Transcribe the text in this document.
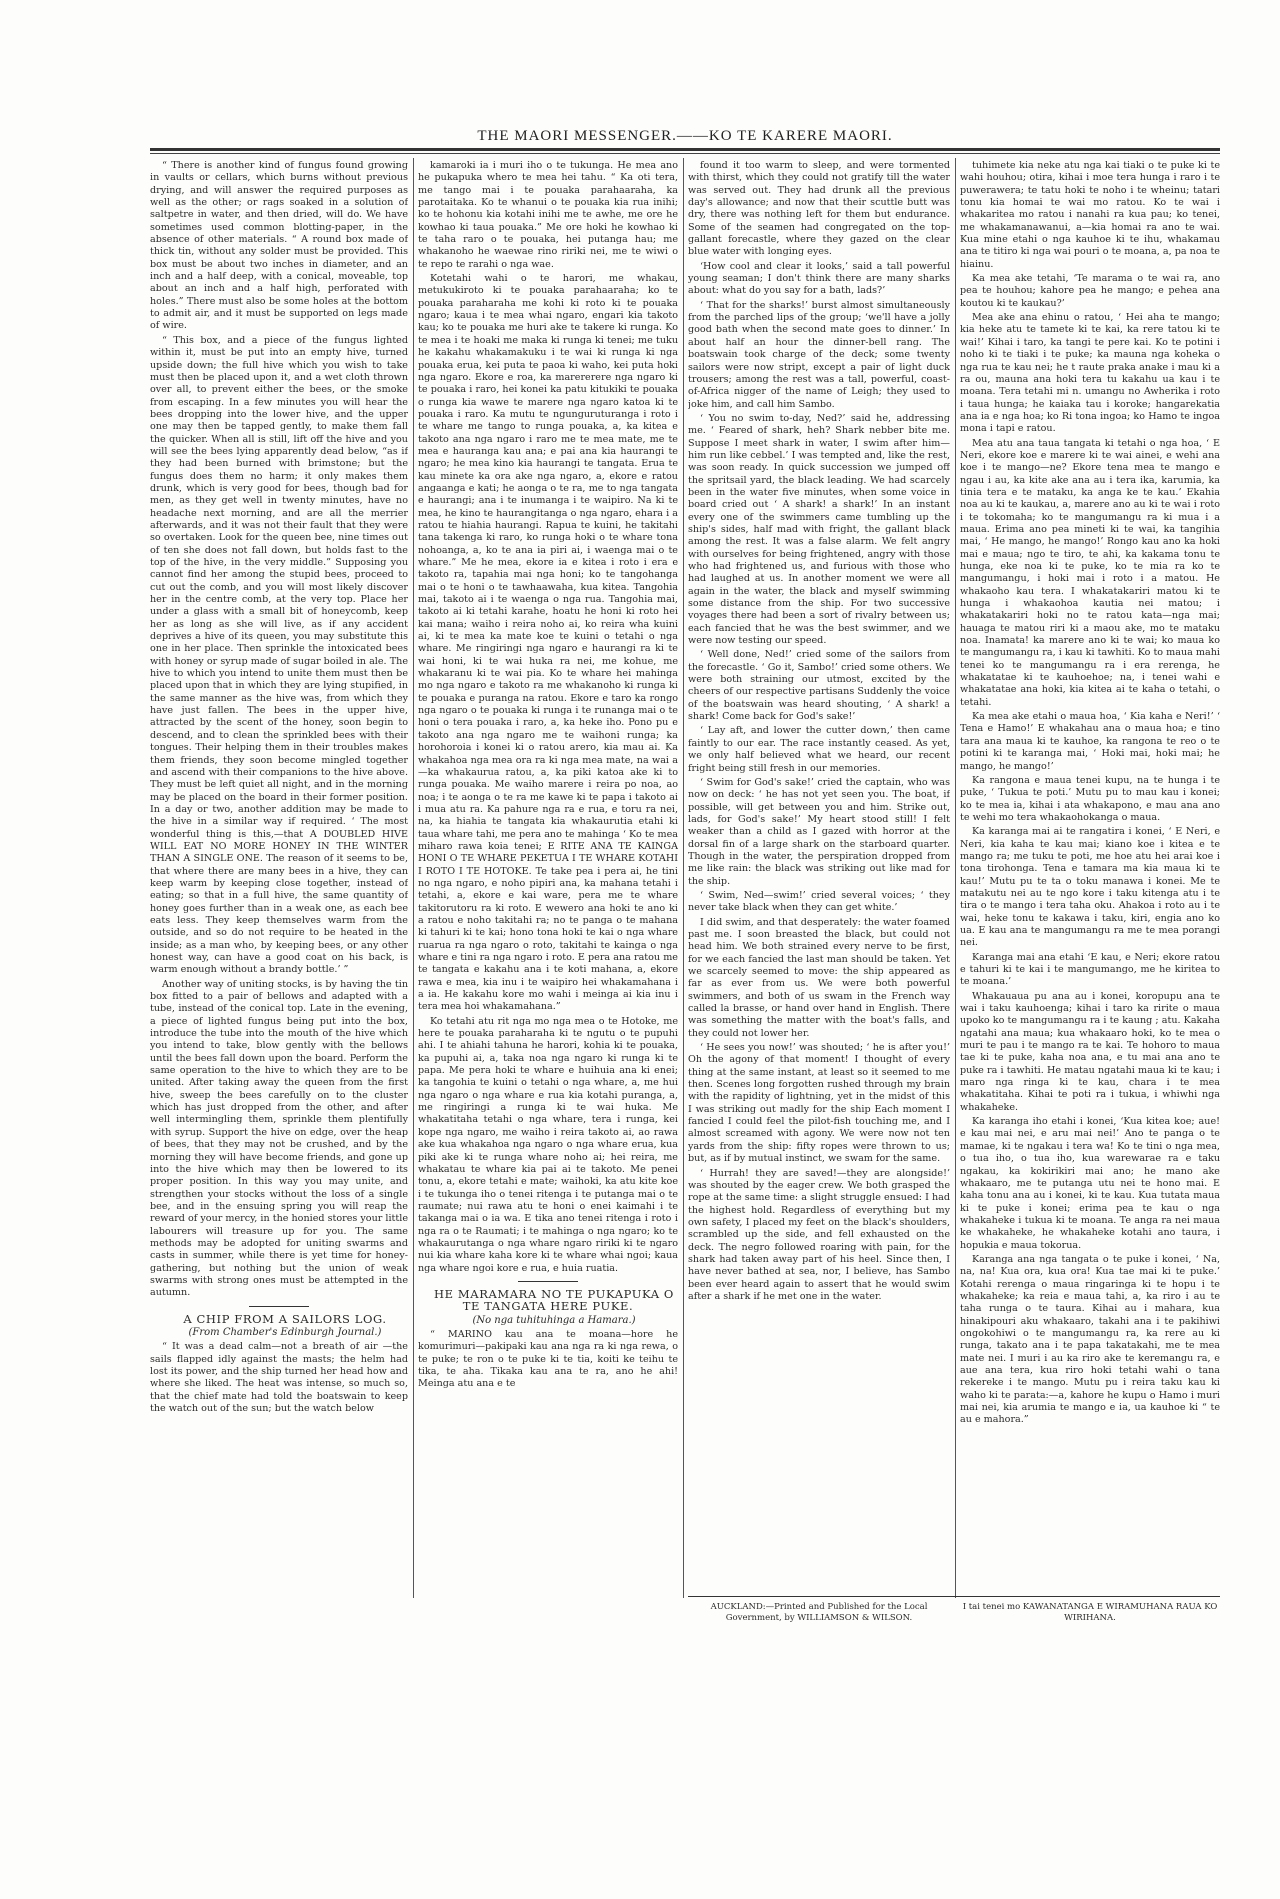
THE MAORI MESSENGER.——KO TE KARERE MAORI.

“ There is another kind of fungus found growing in vaults or cellars, which burns without previous drying, and will answer the required purposes as well as the other; or rags soaked in a solution of saltpetre in water, and then dried, will do. We have sometimes used common blotting-paper, in the absence of other materials. “ A round box made of thick tin, without any solder must be provided. This box must be about two inches in diameter, and an inch and a half deep, with a conical, moveable, top about an inch and a half high, perforated with holes.” There must also be some holes at the bottom to admit air, and it must be supported on legs made of wire.

“ This box, and a piece of the fungus lighted within it, must be put into an empty hive, turned upside down; the full hive which you wish to take must then be placed upon it, and a wet cloth thrown over all, to prevent either the bees, or the smoke from escaping. In a few minutes you will hear the bees dropping into the lower hive, and the upper one may then be tapped gently, to make them fall the quicker. When all is still, lift off the hive and you will see the bees lying apparently dead below, “as if they had been burned with brimstone; but the fungus does them no harm; it only makes them drunk, which is very good for bees, though bad for men, as they get well in twenty minutes, have no headache next morning, and are all the merrier afterwards, and it was not their fault that they were so overtaken. Look for the queen bee, nine times out of ten she does not fall down, but holds fast to the top of the hive, in the very middle.” Supposing you cannot find her among the stupid bees, proceed to cut out the comb, and you will most likely discover her in the centre comb, at the very top. Place her under a glass with a small bit of honeycomb, keep her as long as she will live, as if any accident deprives a hive of its queen, you may substitute this one in her place. Then sprinkle the intoxicated bees with honey or syrup made of sugar boiled in ale. The hive to which you intend to unite them must then be placed upon that in which they are lying stupified, in the same manner as the hive was, from which they have just fallen. The bees in the upper hive, attracted by the scent of the honey, soon begin to descend, and to clean the sprinkled bees with their tongues. Their helping them in their troubles makes them friends, they soon become mingled together and ascend with their companions to the hive above. They must be left quiet all night, and in the morning may be placed on the board in their former position. In a day or two, another addition may be made to the hive in a similar way if required. ‘ The most wonderful thing is this,—that A DOUBLED HIVE WILL EAT NO MORE HONEY IN THE WINTER THAN A SINGLE ONE. The reason of it seems to be, that where there are many bees in a hive, they can keep warm by keeping close together, instead of eating; so that in a full hive, the same quantity of honey goes further than in a weak one, as each bee eats less. They keep themselves warm from the outside, and so do not require to be heated in the inside; as a man who, by keeping bees, or any other honest way, can have a good coat on his back, is warm enough without a brandy bottle.’ ”

Another way of uniting stocks, is by having the tin box fitted to a pair of bellows and adapted with a tube, instead of the conical top. Late in the evening, a piece of lighted fungus being put into the box, introduce the tube into the mouth of the hive which you intend to take, blow gently with the bellows until the bees fall down upon the board. Perform the same operation to the hive to which they are to be united. After taking away the queen from the first hive, sweep the bees carefully on to the cluster which has just dropped from the other, and after well intermingling them, sprinkle them plentifully with syrup. Support the hive on edge, over the heap of bees, that they may not be crushed, and by the morning they will have become friends, and gone up into the hive which may then be lowered to its proper position. In this way you may unite, and strengthen your stocks without the loss of a single bee, and in the ensuing spring you will reap the reward of your mercy, in the honied stores your little labourers will treasure up for you. The same methods may be adopted for uniting swarms and casts in summer, while there is yet time for honey-gathering, but nothing but the union of weak swarms with strong ones must be attempted in the autumn.

A CHIP FROM A SAILORS LOG.

(From Chamber's Edinburgh Journal.)

“ It was a dead calm—not a breath of air —the sails flapped idly against the masts; the helm had lost its power, and the ship turned her head how and where she liked. The heat was intense, so much so, that the chief mate had told the boatswain to keep the watch out of the sun; but the watch below

kamaroki ia i muri iho o te tukunga. He mea ano he pukapuka whero te mea hei tahu. “ Ka oti tera, me tango mai i te pouaka parahaaraha, ka parotaitaka. Ko te whanui o te pouaka kia rua inihi; ko te hohonu kia kotahi inihi me te awhe, me ore he kowhao ki taua pouaka.” Me ore hoki he kowhao ki te taha raro o te pouaka, hei putanga hau; me whakanoho he waewae rino ririki nei, me te wiwi o te repo te rarahi o nga wae.

Kotetahi wahi o te harori, me whakau, metukukiroto ki te pouaka parahaaraha; ko te pouaka paraharaha me kohi ki roto ki te pouaka ngaro; kaua i te mea whai ngaro, engari kia takoto kau; ko te pouaka me huri ake te takere ki runga. Ko te mea i te hoaki me maka ki runga ki tenei; me tuku he kakahu whakamakuku i te wai ki runga ki nga pouaka erua, kei puta te paoa ki waho, kei puta hoki nga ngaro. Ekore e roa, ka marererere nga ngaro ki te pouaka i raro, hei konei ka patu kitukiki te pouaka o runga kia wawe te marere nga ngaro katoa ki te pouaka i raro. Ka mutu te ngunguruturanga i roto i te whare me tango to runga pouaka, a, ka kitea e takoto ana nga ngaro i raro me te mea mate, me te mea e hauranga kau ana; e pai ana kia haurangi te ngaro; he mea kino kia haurangi te tangata. Erua te kau minete ka ora ake nga ngaro, a, ekore e ratou angaanga e kati; he aonga o te ra, me to nga tangata e haurangi; ana i te inumanga i te waipiro. Na ki te mea, he kino te haurangitanga o nga ngaro, ehara i a ratou te hiahia haurangi. Rapua te kuini, he takitahi tana takenga ki raro, ko runga hoki o te whare tona nohoanga, a, ko te ana ia piri ai, i waenga mai o te whare.” Me he mea, ekore ia e kitea i roto i era e takoto ra, tapahia mai nga honi; ko te tangohanga mai o te honi o te tawhaawaha, kua kitea. Tangohia mai, takoto ai i te waenga o nga rua. Tangohia mai, takoto ai ki tetahi karahe, hoatu he honi ki roto hei kai mana; waiho i reira noho ai, ko reira wha kuini ai, ki te mea ka mate koe te kuini o tetahi o nga whare. Me ringiringi nga ngaro e haurangi ra ki te wai honi, ki te wai huka ra nei, me kohue, me whakaranu ki te wai pia. Ko te whare hei mahinga mo nga ngaro e takoto ra me whakanoho ki runga ki te pouaka e puranga na ratou. Ekore e taro ka rongo nga ngaro o te pouaka ki runga i te runanga mai o te honi o tera pouaka i raro, a, ka heke iho. Pono pu e takoto ana nga ngaro me te waihoni runga; ka horohoroia i konei ki o ratou arero, kia mau ai. Ka whakahoa nga mea ora ra ki nga mea mate, na wai a—ka whakaurua ratou, a, ka piki katoa ake ki to runga pouaka. Me waiho marere i reira po noa, ao noa; i te aonga o te ra me kawe ki te papa i takoto ai i mua atu ra. Ka pahure nga ra e rua, e toru ra nei, na, ka hiahia te tangata kia whakaurutia etahi ki taua whare tahi, me pera ano te mahinga ‘ Ko te mea miharo rawa koia tenei; E RITE ANA TE KAINGA HONI O TE WHARE PEKETUA I TE WHARE KOTAHI I ROTO I TE HOTOKE. Te take pea i pera ai, he tini no nga ngaro, e noho pipiri ana, ka mahana tetahi i tetahi, a, ekore e kai ware, pera me te whare takitorutoru ra ki roto. E wewero ana hoki te ano ki a ratou e noho takitahi ra; no te panga o te mahana ki tahuri ki te kai; hono tona hoki te kai o nga whare ruarua ra nga ngaro o roto, takitahi te kainga o nga whare e tini ra nga ngaro i roto. E pera ana ratou me te tangata e kakahu ana i te koti mahana, a, ekore rawa e mea, kia inu i te waipiro hei whakamahana i a ia. He kakahu kore mo wahi i meinga ai kia inu i tera mea hoi whakamahana.”

Ko tetahi atu rit nga mo nga mea o te Hotoke, me here te pouaka paraharaha ki te ngutu o te pupuhi ahi. I te ahiahi tahuna he harori, kohia ki te pouaka, ka pupuhi ai, a, taka noa nga ngaro ki runga ki te papa. Me pera hoki te whare e huihuia ana ki enei; ka tangohia te kuini o tetahi o nga whare, a, me hui nga ngaro o nga whare e rua kia kotahi puranga, a, me ringiringi a runga ki te wai huka. Me whakatitaha tetahi o nga whare, tera i runga, kei kope nga ngaro, me waiho i reira takoto ai, ao rawa ake kua whakahoa nga ngaro o nga whare erua, kua piki ake ki te runga whare noho ai; hei reira, me whakatau te whare kia pai ai te takoto. Me penei tonu, a, ekore tetahi e mate; waihoki, ka atu kite koe i te tukunga iho o tenei ritenga i te putanga mai o te raumate; nui rawa atu te honi o enei kaimahi i te takanga mai o ia wa. E tika ano tenei ritenga i roto i nga ra o te Raumati; i te mahinga o nga ngaro; ko te whakaurutanga o nga whare ngaro ririki ki te ngaro nui kia whare kaha kore ki te whare whai ngoi; kaua nga whare ngoi kore e rua, e huia ruatia.

HE MARAMARA NO TE PUKAPUKA O TE TANGATA HERE PUKE.

(No nga tuhituhinga a Hamara.)

“ MARINO kau ana te moana—hore he komurimuri—pakipaki kau ana nga ra ki nga rewa, o te puke; te ron o te puke ki te tia, koiti ke teihu te tika, te aha. Tikaka kau ana te ra, ano he ahi! Meinga atu ana e te

found it too warm to sleep, and were tormented with thirst, which they could not gratify till the water was served out. They had drunk all the previous day's allowance; and now that their scuttle butt was dry, there was nothing left for them but endurance. Some of the seamen had congregated on the top-gallant forecastle, where they gazed on the clear blue water with longing eyes.

‘How cool and clear it looks,’ said a tall powerful young seaman; I don't think there are many sharks about: what do you say for a bath, lads?’

‘ That for the sharks!’ burst almost simultaneously from the parched lips of the group; ‘we'll have a jolly good bath when the second mate goes to dinner.’ In about half an hour the dinner-bell rang. The boatswain took charge of the deck; some twenty sailors were now stript, except a pair of light duck trousers; among the rest was a tall, powerful, coast-of-Africa nigger of the name of Leigh; they used to joke him, and call him Sambo.

‘ You no swim to-day, Ned?’ said he, addressing me. ‘ Feared of shark, heh? Shark nebber bite me. Suppose I meet shark in water, I swim after him—him run like cebbel.’ I was tempted and, like the rest, was soon ready. In quick succession we jumped off the spritsail yard, the black leading. We had scarcely been in the water five minutes, when some voice in board cried out ‘ A shark! a shark!’ In an instant every one of the swimmers came tumbling up the ship's sides, half mad with fright, the gallant black among the rest. It was a false alarm. We felt angry with ourselves for being frightened, angry with those who had frightened us, and furious with those who had laughed at us. In another moment we were all again in the water, the black and myself swimming some distance from the ship. For two successive voyages there had been a sort of rivalry between us; each fancied that he was the best swimmer, and we were now testing our speed.

‘ Well done, Ned!’ cried some of the sailors from the forecastle. ‘ Go it, Sambo!’ cried some others. We were both straining our utmost, excited by the cheers of our respective partisans Suddenly the voice of the boatswain was heard shouting, ‘ A shark! a shark! Come back for God's sake!’

‘ Lay aft, and lower the cutter down,’ then came faintly to our ear. The race instantly ceased. As yet, we only half believed what we heard, our recent fright being still fresh in our memories.

‘ Swim for God's sake!’ cried the captain, who was now on deck: ‘ he has not yet seen you. The boat, if possible, will get between you and him. Strike out, lads, for God's sake!’ My heart stood still! I felt weaker than a child as I gazed with horror at the dorsal fin of a large shark on the starboard quarter. Though in the water, the perspiration dropped from me like rain: the black was striking out like mad for the ship.

‘ Swim, Ned—swim!’ cried several voices; ‘ they never take black when they can get white.’

I did swim, and that desperately: the water foamed past me. I soon breasted the black, but could not head him. We both strained every nerve to be first, for we each fancied the last man should be taken. Yet we scarcely seemed to move: the ship appeared as far as ever from us. We were both powerful swimmers, and both of us swam in the French way called la brasse, or hand over hand in English. There was something the matter with the boat's falls, and they could not lower her.

‘ He sees you now!’ was shouted; ‘ he is after you!’ Oh the agony of that moment! I thought of every thing at the same instant, at least so it seemed to me then. Scenes long forgotten rushed through my brain with the rapidity of lightning, yet in the midst of this I was striking out madly for the ship Each moment I fancied I could feel the pilot-fish touching me, and I almost screamed with agony. We were now not ten yards from the ship: fifty ropes were thrown to us; but, as if by mutual instinct, we swam for the same.

‘ Hurrah! they are saved!—they are alongside!’ was shouted by the eager crew. We both grasped the rope at the same time: a slight struggle ensued: I had the highest hold. Regardless of everything but my own safety, I placed my feet on the black's shoulders, scrambled up the side, and fell exhausted on the deck. The negro followed roaring with pain, for the shark had taken away part of his heel. Since then, I have never bathed at sea, nor, I believe, has Sambo been ever heard again to assert that he would swim after a shark if he met one in the water.

tuhimete kia neke atu nga kai tiaki o te puke ki te wahi houhou; otira, kihai i moe tera hunga i raro i te puwerawera; te tatu hoki te noho i te wheinu; tatari tonu kia homai te wai mo ratou. Ko te wai i whakaritea mo ratou i nanahi ra kua pau; ko tenei, me whakamanawanui, a—kia homai ra ano te wai. Kua mine etahi o nga kauhoe ki te ihu, whakamau ana te titiro ki nga wai pouri o te moana, a, pa noa te hiainu.

Ka mea ake tetahi, ‘Te marama o te wai ra, ano pea te houhou; kahore pea he mango; e pehea ana koutou ki te kaukau?’

Mea ake ana ehinu o ratou, ‘ Hei aha te mango; kia heke atu te tamete ki te kai, ka rere tatou ki te wai!’ Kihai i taro, ka tangi te pere kai. Ko te potini i noho ki te tiaki i te puke; ka mauna nga koheka o nga rua te kau nei; he t raute praka anake i mau ki a ra ou, mauna ana hoki tera tu kakahu ua kau i te moana. Tera tetahi mi n. umangu no Awherika i roto i taua hunga; he kaiaka tau i koroke; hangarekatia ana ia e nga hoa; ko Ri tona ingoa; ko Hamo te ingoa mona i tapi e ratou.

Mea atu ana taua tangata ki tetahi o nga hoa, ‘ E Neri, ekore koe e marere ki te wai ainei, e wehi ana koe i te mango—ne? Ekore tena mea te mango e ngau i au, ka kite ake ana au i tera ika, karumia, ka tinia tera e te mataku, ka anga ke te kau.’ Ekahia noa au ki te kaukau, a, marere ano au ki te wai i roto i te tokomaha; ko te mangumangu ra ki mua i a maua. Erima ano pea mineti ki te wai, ka tangihia mai, ‘ He mango, he mango!’ Rongo kau ano ka hoki mai e maua; ngo te tiro, te ahi, ka kakama tonu te hunga, eke noa ki te puke, ko te mia ra ko te mangumangu, i hoki mai i roto i a matou. He whakaoho kau tera. I whakatakariri matou ki te hunga i whakaohoa kautia nei matou; i whakatakariri hoki no te ratou kata—nga mai; hauaga te matou riri ki a maou ake, mo te mataku noa. Inamata! ka marere ano ki te wai; ko maua ko te mangumangu ra, i kau ki tawhiti. Ko to maua mahi tenei ko te mangumangu ra i era rerenga, he whakatatae ki te kauhoehoe; na, i tenei wahi e whakatatae ana hoki, kia kitea ai te kaha o tetahi, o tetahi.

Ka mea ake etahi o maua hoa, ‘ Kia kaha e Neri!’ ‘ Tena e Hamo!’ E whakahau ana o maua hoa; e tino tara ana maua ki te kauhoe, ka rangona te reo o te potini ki te karanga mai, ‘ Hoki mai, hoki mai; he mango, he mango!’

Ka rangona e maua tenei kupu, na te hunga i te puke, ‘ Tukua te poti.’ Mutu pu to mau kau i konei; ko te mea ia, kihai i ata whakapono, e mau ana ano te wehi mo tera whakaohokanga o maua.

Ka karanga mai ai te rangatira i konei, ‘ E Neri, e Neri, kia kaha te kau mai; kiano koe i kitea e te mango ra; me tuku te poti, me hoe atu hei arai koe i tona tirohonga. Tena e tamara ma kia maua ki te kau!’ Mutu pu te ta o toku manawa i konei. Me te matakutu nei au te ngo kore i taku kitenga atu i te tira o te mango i tera taha oku. Ahakoa i roto au i te wai, heke tonu te kakawa i taku, kiri, engia ano ko ua. E kau ana te mangumangu ra me te mea porangi nei.

Karanga mai ana etahi ‘E kau, e Neri; ekore ratou e tahuri ki te kai i te mangumango, me he kiritea to te moana.’

Whakauaua pu ana au i konei, koropupu ana te wai i taku kauhoenga; kihai i taro ka ririte o maua upoko ko te mangumangu ra i te kaung ; atu. Kakaha ngatahi ana maua; kua whakaaro hoki, ko te mea o muri te pau i te mango ra te kai. Te hohoro to maua tae ki te puke, kaha noa ana, e tu mai ana ano te puke ra i tawhiti. He matau ngatahi maua ki te kau; i maro nga ringa ki te kau, chara i te mea whakatitaha. Kihai te poti ra i tukua, i whiwhi nga whakaheke.

Ka karanga iho etahi i konei, ‘Kua kitea koe; aue! e kau mai nei, e aru mai nei!’ Ano te panga o te mamae, ki te ngakau i tera wa! Ko te tini o nga mea, o tua iho, o tua iho, kua warewarae ra e taku ngakau, ka kokirikiri mai ano; he mano ake whakaaro, me te putanga utu nei te hono mai. E kaha tonu ana au i konei, ki te kau. Kua tutata maua ki te puke i konei; erima pea te kau o nga whakaheke i tukua ki te moana. Te anga ra nei maua ke whakaheke, he whakaheke kotahi ano taura, i hopukia e maua tokorua.

Karanga ana nga tangata o te puke i konei, ‘ Na, na, na! Kua ora, kua ora! Kua tae mai ki te puke.’ Kotahi rerenga o maua ringaringa ki te hopu i te whakaheke; ka reia e maua tahi, a, ka riro i au te taha runga o te taura. Kihai au i mahara, kua hinakipouri aku whakaaro, takahi ana i te pakihiwi ongokohiwi o te mangumangu ra, ka rere au ki runga, takato ana i te papa takatakahi, me te mea mate nei. I muri i au ka riro ake te keremangu ra, e aue ana tera, kua riro hoki tetahi wahi o tana rekereke i te mango. Mutu pu i reira taku kau ki waho ki te parata:—a, kahore he kupu o Hamo i muri mai nei, kia arumia te mango e ia, ua kauhoe ki “ te au e mahora.”

AUCKLAND:—Printed and Published for the Local Government, by WILLIAMSON & WILSON.
I tai tenei mo KAWANATANGA E WIRAMUHANA RAUA KO WIRIHANA.
